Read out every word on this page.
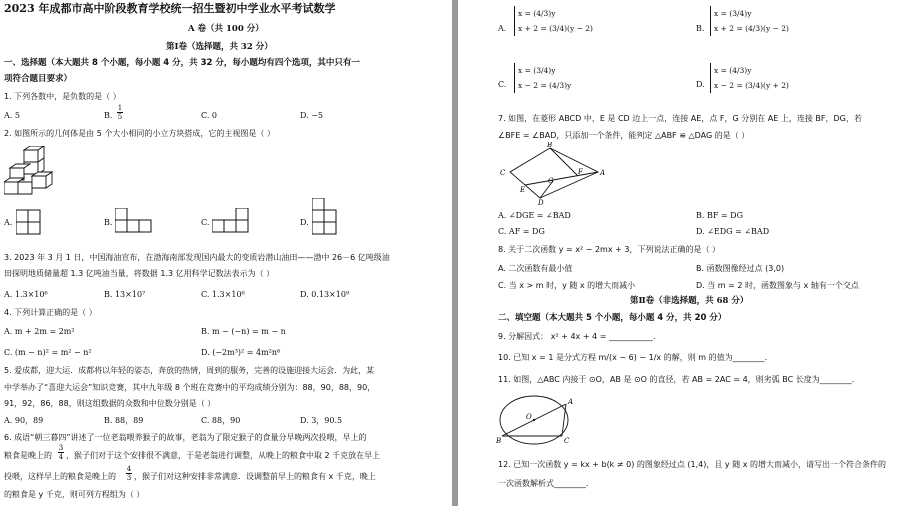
2023 年成都市高中阶段教育学校统一招生暨初中学业水平考试数学
A 卷（共 100 分）
第Ⅰ卷（选择题，共 32 分）
一、选择题（本大题共 8 个小题，每小题 4 分，共 32 分，每小题均有四个选项，其中只有一
项符合题目要求）
1. 下列各数中，是负数的是（ ）
A. 5	B.
1
5	C. 0	D. −5
2. 如图所示的几何体是由 5 个大小相同的小立方块搭成，它的主视图是（ ）
A.	B.	C.	D.
3. 2023 年 3 月 1 日，中国海油宣布，在渤海南部发现国内最大的变质岩潜山油田——渤中 26－6 亿吨级油
田探明地质储量超 1.3 亿吨油当量，将数据 1.3 亿用科学记数法表示为（ ）
A. 1.3×10⁶	B. 13×10⁷	C. 1.3×10⁸	D. 0.13×10⁹
4. 下列计算正确的是（ ）
A. m + 2m = 2m²	B. m − (−n) = m − n
C. (m − n)² = m² − n²	D. (−2m³)² = 4m²n⁶
5. 爱成都，迎大运．成都将以年轻的姿态，奔放的热情，周到的服务，完善的设施迎接大运会．为此，某
中学举办了“喜迎大运会”知识竞赛，其中九年级 8 个班在竞赛中的平均成绩分别为：88，90，88，90，
91，92，86，88，则这组数据的众数和中位数分别是（ ）
A. 90，89	B. 88，89	C. 88，90	D. 3，90.5
6. 成语“朝三暮四”讲述了一位老翁喂养猴子的故事，老翁为了限定猴子的食量分早晚两次投喂，早上的
粮食是晚上的
3
4 ，猴子们对于这个安排很不满意，于是老翁进行调整，从晚上的粮食中取 2 千克放在早上
投喂，这样早上的粮食是晚上的
4
3 ，猴子们对这种安排非常满意．设调整前早上的粮食有 x 千克，晚上
的粮食是 y 千克，则可列方程组为（ ）
A.
x = (4/3)y
x + 2 = (3/4)(y − 2)	B.
x = (3/4)y
x + 2 = (4/3)(y − 2)
C.
x = (3/4)y
x − 2 = (4/3)y	D.
x = (4/3)y
x − 2 = (3/4)(y + 2)
7. 如图，在菱形 ABCD 中，E 是 CD 边上一点，连接 AE，点 F，G 分别在 AE 上，连接 BF，DG，若
∠BFE = ∠BAD，只添加一个条件，能判定 △ABF ≌ △DAG 的是（ ）
B
C	A
D
E
F
G
A. ∠DGE = ∠BAD	B. BF = DG
C. AF = DG	D. ∠EDG = ∠BAD
8. 关于二次函数 y = x² − 2mx + 3，下列说法正确的是（ ）
A. 二次函数有最小值	B. 函数图像经过点 (3,0)
C. 当 x > m 时，y 随 x 的增大而减小	D. 当 m = 2 时，函数图象与 x 轴有一个交点
第Ⅱ卷（非选择题，共 68 分）
二、填空题（本大题共 5 个小题，每小题 4 分，共 20 分）
9. 分解因式： x² + 4x + 4 = ___________．
10. 已知 x = 1 是分式方程 m/(x − 6) − 1/x 的解，则 m 的值为________．
11. 如图，△ABC 内接于 ⊙O，AB 是 ⊙O 的直径，若 AB = 2AC = 4，则劣弧 BC 长度为________．
A
B	C
O
12. 已知一次函数 y = kx + b(k ≠ 0) 的图象经过点 (1,4)，且 y 随 x 的增大而减小，请写出一个符合条件的
一次函数解析式________．
